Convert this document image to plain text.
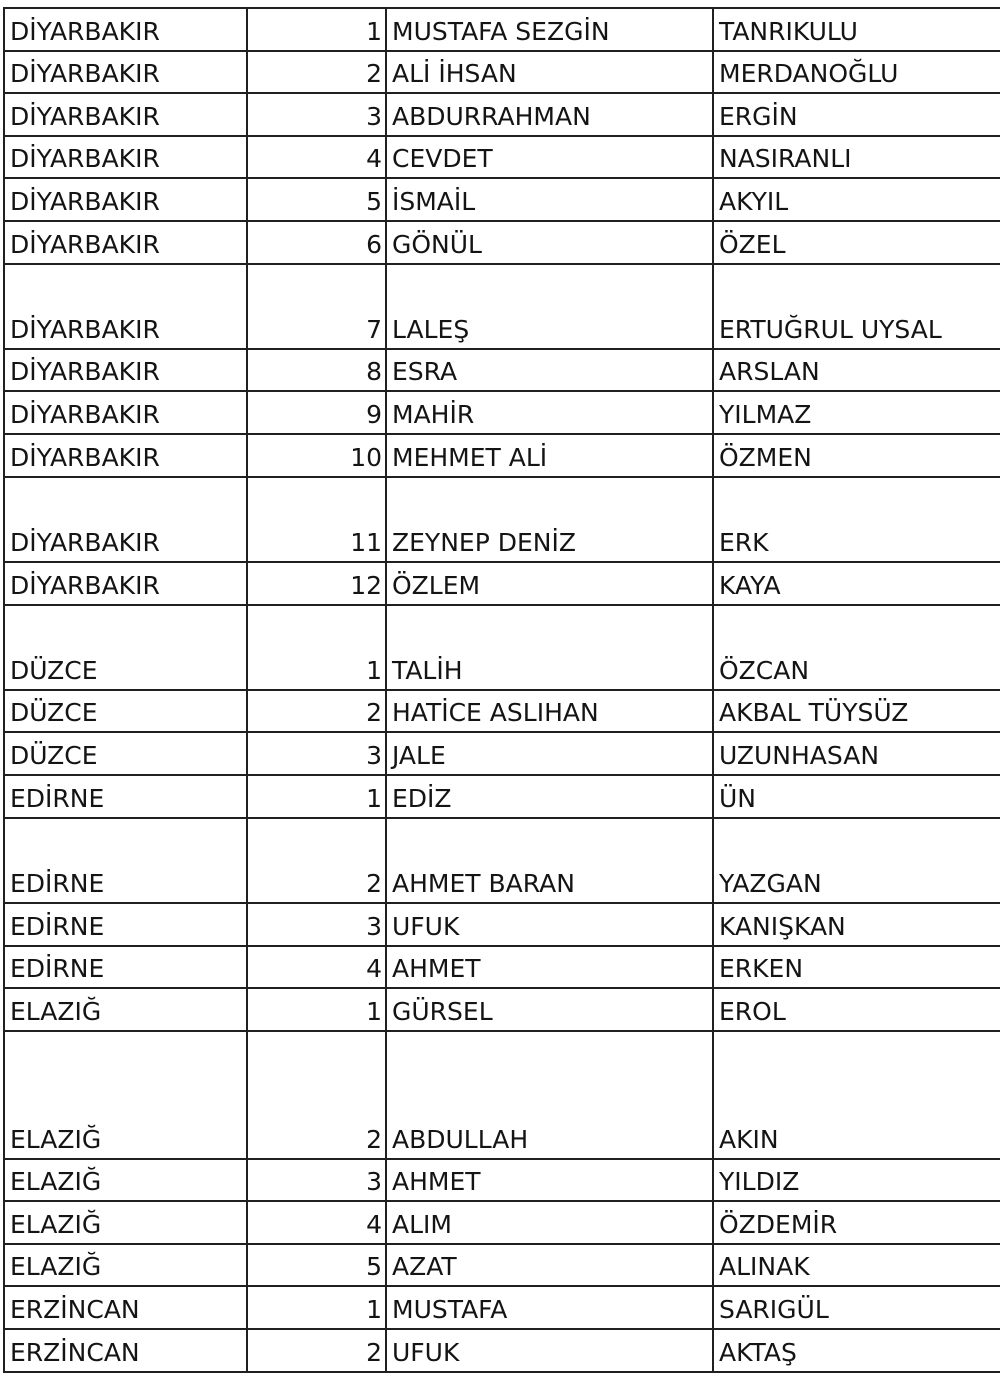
DİYARBAKIR	1	MUSTAFA SEZGİN	TANRIKULU
DİYARBAKIR	2	ALİ İHSAN	MERDANOĞLU
DİYARBAKIR	3	ABDURRAHMAN	ERGİN
DİYARBAKIR	4	CEVDET	NASIRANLI
DİYARBAKIR	5	İSMAİL	AKYIL
DİYARBAKIR	6	GÖNÜL	ÖZEL
DİYARBAKIR	7	LALEŞ	ERTUĞRUL UYSAL
DİYARBAKIR	8	ESRA	ARSLAN
DİYARBAKIR	9	MAHİR	YILMAZ
DİYARBAKIR	10	MEHMET ALİ	ÖZMEN
DİYARBAKIR	11	ZEYNEP DENİZ	ERK
DİYARBAKIR	12	ÖZLEM	KAYA
DÜZCE	1	TALİH	ÖZCAN
DÜZCE	2	HATİCE ASLIHAN	AKBAL TÜYSÜZ
DÜZCE	3	JALE	UZUNHASAN
EDİRNE	1	EDİZ	ÜN
EDİRNE	2	AHMET BARAN	YAZGAN
EDİRNE	3	UFUK	KANIŞKAN
EDİRNE	4	AHMET	ERKEN
ELAZIĞ	1	GÜRSEL	EROL
ELAZIĞ	2	ABDULLAH	AKIN
ELAZIĞ	3	AHMET	YILDIZ
ELAZIĞ	4	ALIM	ÖZDEMİR
ELAZIĞ	5	AZAT	ALINAK
ERZİNCAN	1	MUSTAFA	SARIGÜL
ERZİNCAN	2	UFUK	AKTAŞ
